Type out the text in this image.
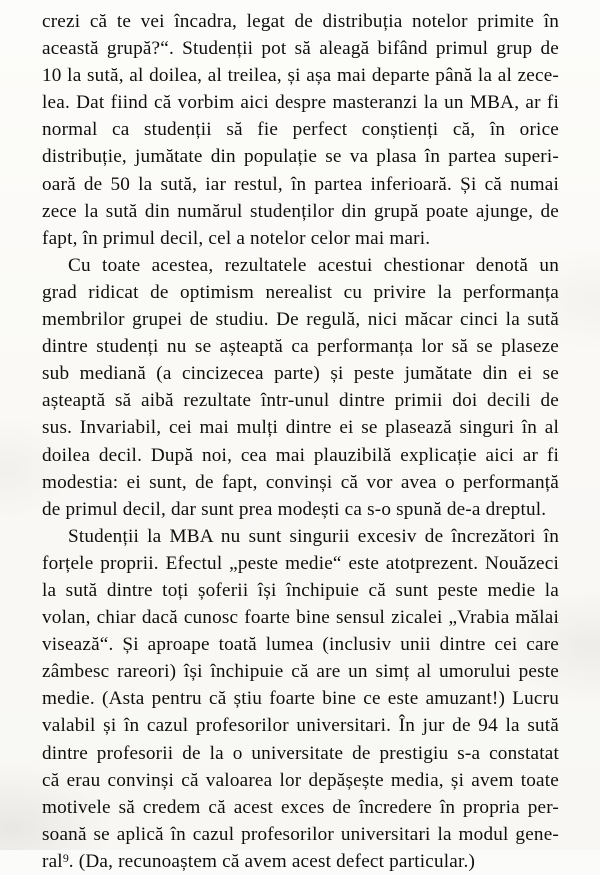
crezi că te vei încadra, legat de distribuția notelor primite în
această grupă?“. Studenții pot să aleagă bifând primul grup de
10 la sută, al doilea, al treilea, și așa mai departe până la al zece-
lea. Dat fiind că vorbim aici despre masteranzi la un MBA, ar fi
normal ca studenții să fie perfect conștienți că, în orice
distribuție, jumătate din populație se va plasa în partea superi-
oară de 50 la sută, iar restul, în partea inferioară. Și că numai
zece la sută din numărul studenților din grupă poate ajunge, de
fapt, în primul decil, cel a notelor celor mai mari.

Cu toate acestea, rezultatele acestui chestionar denotă un
grad ridicat de optimism nerealist cu privire la performanța
membrilor grupei de studiu. De regulă, nici măcar cinci la sută
dintre studenți nu se așteaptă ca performanța lor să se plaseze
sub mediană (a cincizecea parte) și peste jumătate din ei se
așteaptă să aibă rezultate într-unul dintre primii doi decili de
sus. Invariabil, cei mai mulți dintre ei se plasează singuri în al
doilea decil. După noi, cea mai plauzibilă explicație aici ar fi
modestia: ei sunt, de fapt, convinși că vor avea o performanță
de primul decil, dar sunt prea modești ca s-o spună de-a dreptul.

Studenții la MBA nu sunt singurii excesiv de încrezători în
forțele proprii. Efectul „peste medie“ este atotprezent. Nouăzeci
la sută dintre toți șoferii își închipuie că sunt peste medie la
volan, chiar dacă cunosc foarte bine sensul zicalei „Vrabia mălai
visează“. Și aproape toată lumea (inclusiv unii dintre cei care
zâmbesc rareori) își închipuie că are un simț al umorului peste
medie. (Asta pentru că știu foarte bine ce este amuzant!) Lucru
valabil și în cazul profesorilor universitari. În jur de 94 la sută
dintre profesorii de la o universitate de prestigiu s-a constatat
că erau convinși că valoarea lor depășește media, și avem toate
motivele să credem că acest exces de încredere în propria per-
soană se aplică în cazul profesorilor universitari la modul gene-
ral$^9$. (Da, recunoaștem că avem acest defect particular.)
